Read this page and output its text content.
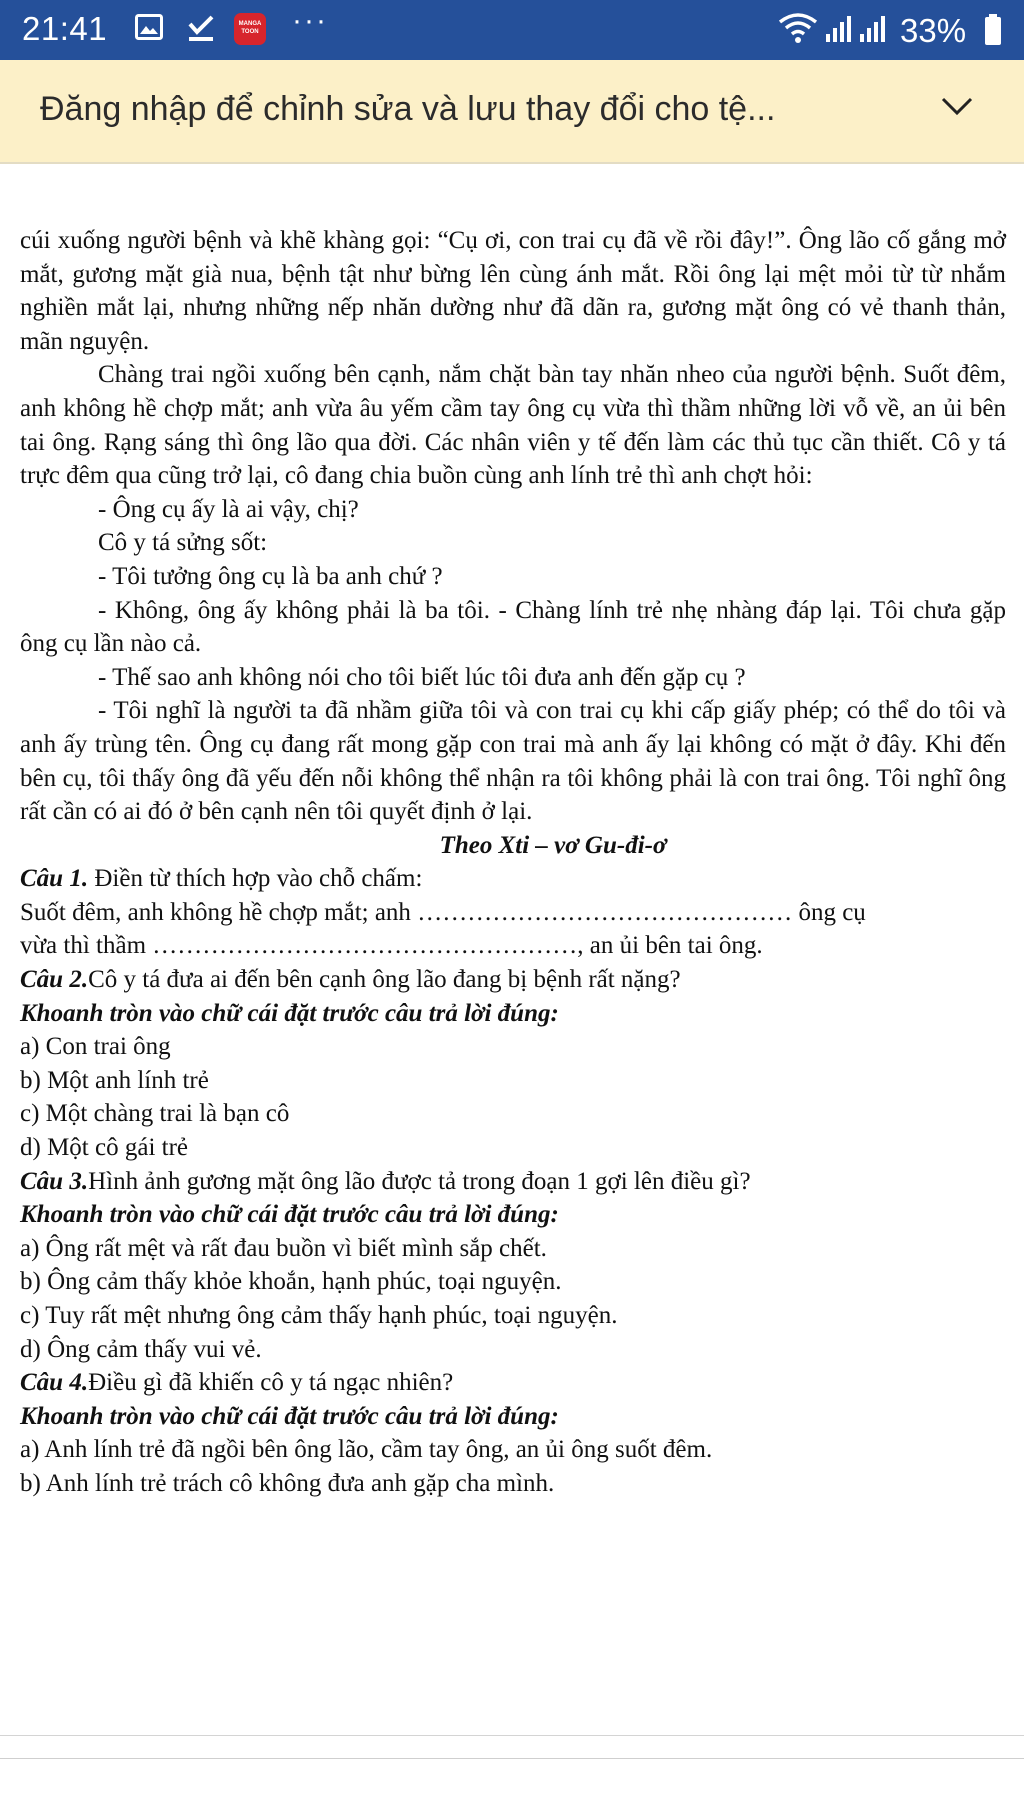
21:41	MANGA TOON ···	33%
Đăng nhập để chỉnh sửa và lưu thay đổi cho tệ...

cúi xuống người bệnh và khẽ khàng gọi: “Cụ ơi, con trai cụ đã về rồi đây!”. Ông lão cố gắng mở mắt, gương mặt già nua, bệnh tật như bừng lên cùng ánh mắt. Rồi ông lại mệt mỏi từ từ nhắm nghiền mắt lại, nhưng những nếp nhăn dường như đã dãn ra, gương mặt ông có vẻ thanh thản, mãn nguyện.

Chàng trai ngồi xuống bên cạnh, nắm chặt bàn tay nhăn nheo của người bệnh. Suốt đêm, anh không hề chợp mắt; anh vừa âu yếm cầm tay ông cụ vừa thì thầm những lời vỗ về, an ủi bên tai ông. Rạng sáng thì ông lão qua đời. Các nhân viên y tế đến làm các thủ tục cần thiết. Cô y tá trực đêm qua cũng trở lại, cô đang chia buồn cùng anh lính trẻ thì anh chợt hỏi:

- Ông cụ ấy là ai vậy, chị?

Cô y tá sửng sốt:

- Tôi tưởng ông cụ là ba anh chứ ?

- Không, ông ấy không phải là ba tôi. - Chàng lính trẻ nhẹ nhàng đáp lại. Tôi chưa gặp ông cụ lần nào cả.

- Thế sao anh không nói cho tôi biết lúc tôi đưa anh đến gặp cụ ?

- Tôi nghĩ là người ta đã nhầm giữa tôi và con trai cụ khi cấp giấy phép; có thể do tôi và anh ấy trùng tên. Ông cụ đang rất mong gặp con trai mà anh ấy lại không có mặt ở đây. Khi đến bên cụ, tôi thấy ông đã yếu đến nỗi không thể nhận ra tôi không phải là con trai ông. Tôi nghĩ ông rất cần có ai đó ở bên cạnh nên tôi quyết định ở lại.

Theo Xti – vơ Gu-đi-ơ

Câu 1. Điền từ thích hợp vào chỗ chấm:

Suốt đêm, anh không hề chợp mắt; anh ……………………………………… ông cụ

vừa thì thầm ……………………………………………, an ủi bên tai ông.

Câu 2.Cô y tá đưa ai đến bên cạnh ông lão đang bị bệnh rất nặng?

Khoanh tròn vào chữ cái đặt trước câu trả lời đúng:

a) Con trai ông

b) Một anh lính trẻ

c) Một chàng trai là bạn cô

d) Một cô gái trẻ

Câu 3.Hình ảnh gương mặt ông lão được tả trong đoạn 1 gợi lên điều gì?

Khoanh tròn vào chữ cái đặt trước câu trả lời đúng:

a) Ông rất mệt và rất đau buồn vì biết mình sắp chết.

b) Ông cảm thấy khỏe khoắn, hạnh phúc, toại nguyện.

c) Tuy rất mệt nhưng ông cảm thấy hạnh phúc, toại nguyện.

d) Ông cảm thấy vui vẻ.

Câu 4.Điều gì đã khiến cô y tá ngạc nhiên?

Khoanh tròn vào chữ cái đặt trước câu trả lời đúng:

a) Anh lính trẻ đã ngồi bên ông lão, cầm tay ông, an ủi ông suốt đêm.

b) Anh lính trẻ trách cô không đưa anh gặp cha mình.
